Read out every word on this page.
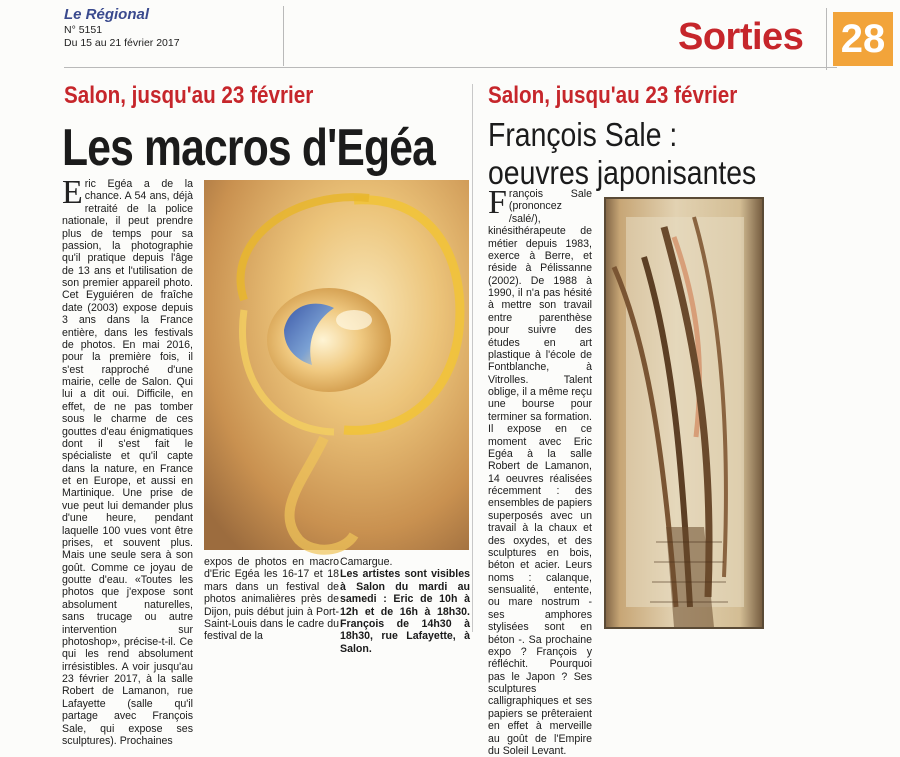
Le Régional
N° 5151
Du 15 au 21 février 2017	Sorties 28
Salon, jusqu'au 23 février
Les macros d'Egéa
E ric Egéa a de la chance. A 54 ans, déjà retraité de la police nationale, il peut prendre plus de temps pour sa passion, la photographie qu'il pratique depuis l'âge de 13 ans et l'utilisation de son premier appareil photo. Cet Eyguiéren de fraîche date (2003) expose depuis 3 ans dans la France entière, dans les festivals de photos. En mai 2016, pour la première fois, il s'est rapproché d'une mairie, celle de Salon. Qui lui a dit oui. Difficile, en effet, de ne pas tomber sous le charme de ces gouttes d'eau énigmatiques dont il s'est fait le spécialiste et qu'il capte dans la nature, en France et en Europe, et aussi en Martinique. Une prise de vue peut lui demander plus d'une heure, pendant laquelle 100 vues vont être prises, et souvent plus. Mais une seule sera à son goût. Comme ce joyau de goutte d'eau. «Toutes les photos que j'expose sont absolument naturelles, sans trucage ou autre intervention sur photoshop», précise-t-il. Ce qui les rend absolument irrésistibles. A voir jusqu'au 23 février 2017, à la salle Robert de Lamanon, rue Lafayette (salle qu'il partage avec François Sale, qui expose ses sculptures). Prochaines
expos de photos en macro d'Eric Egéa les 16-17 et 18 mars dans un festival de photos animalières près de Dijon, puis début juin à Port-Saint-Louis dans le cadre du festival de la

Camargue.

Les artistes sont visibles à Salon du mardi au samedi : Eric de 10h à 12h et de 16h à 18h30. François de 14h30 à 18h30, rue Lafayette, à Salon.

Salon, jusqu'au 23 février
François Sale :
oeuvres japonisantes
F rançois Sale (prononcez /salé/), kinésithérapeute de métier depuis 1983, exerce à Berre, et réside à Pélissanne (2002). De 1988 à 1990, il n'a pas hésité à mettre son travail entre parenthèse pour suivre des études en art plastique à l'école de Fontblanche, à Vitrolles. Talent oblige, il a même reçu une bourse pour terminer sa formation. Il expose en ce moment avec Eric Egéa à la salle Robert de Lamanon, 14 oeuvres réalisées récemment : des ensembles de papiers superposés avec un travail à la chaux et des oxydes, et des sculptures en bois, béton et acier. Leurs noms : calanque, sensualité, entente, ou mare nostrum - ses amphores stylisées sont en béton -. Sa prochaine expo ? François y réfléchit. Pourquoi pas le Japon ? Ses sculptures calligraphiques et ses papiers se prêteraient en effet à merveille au goût de l'Empire du Soleil Levant.
